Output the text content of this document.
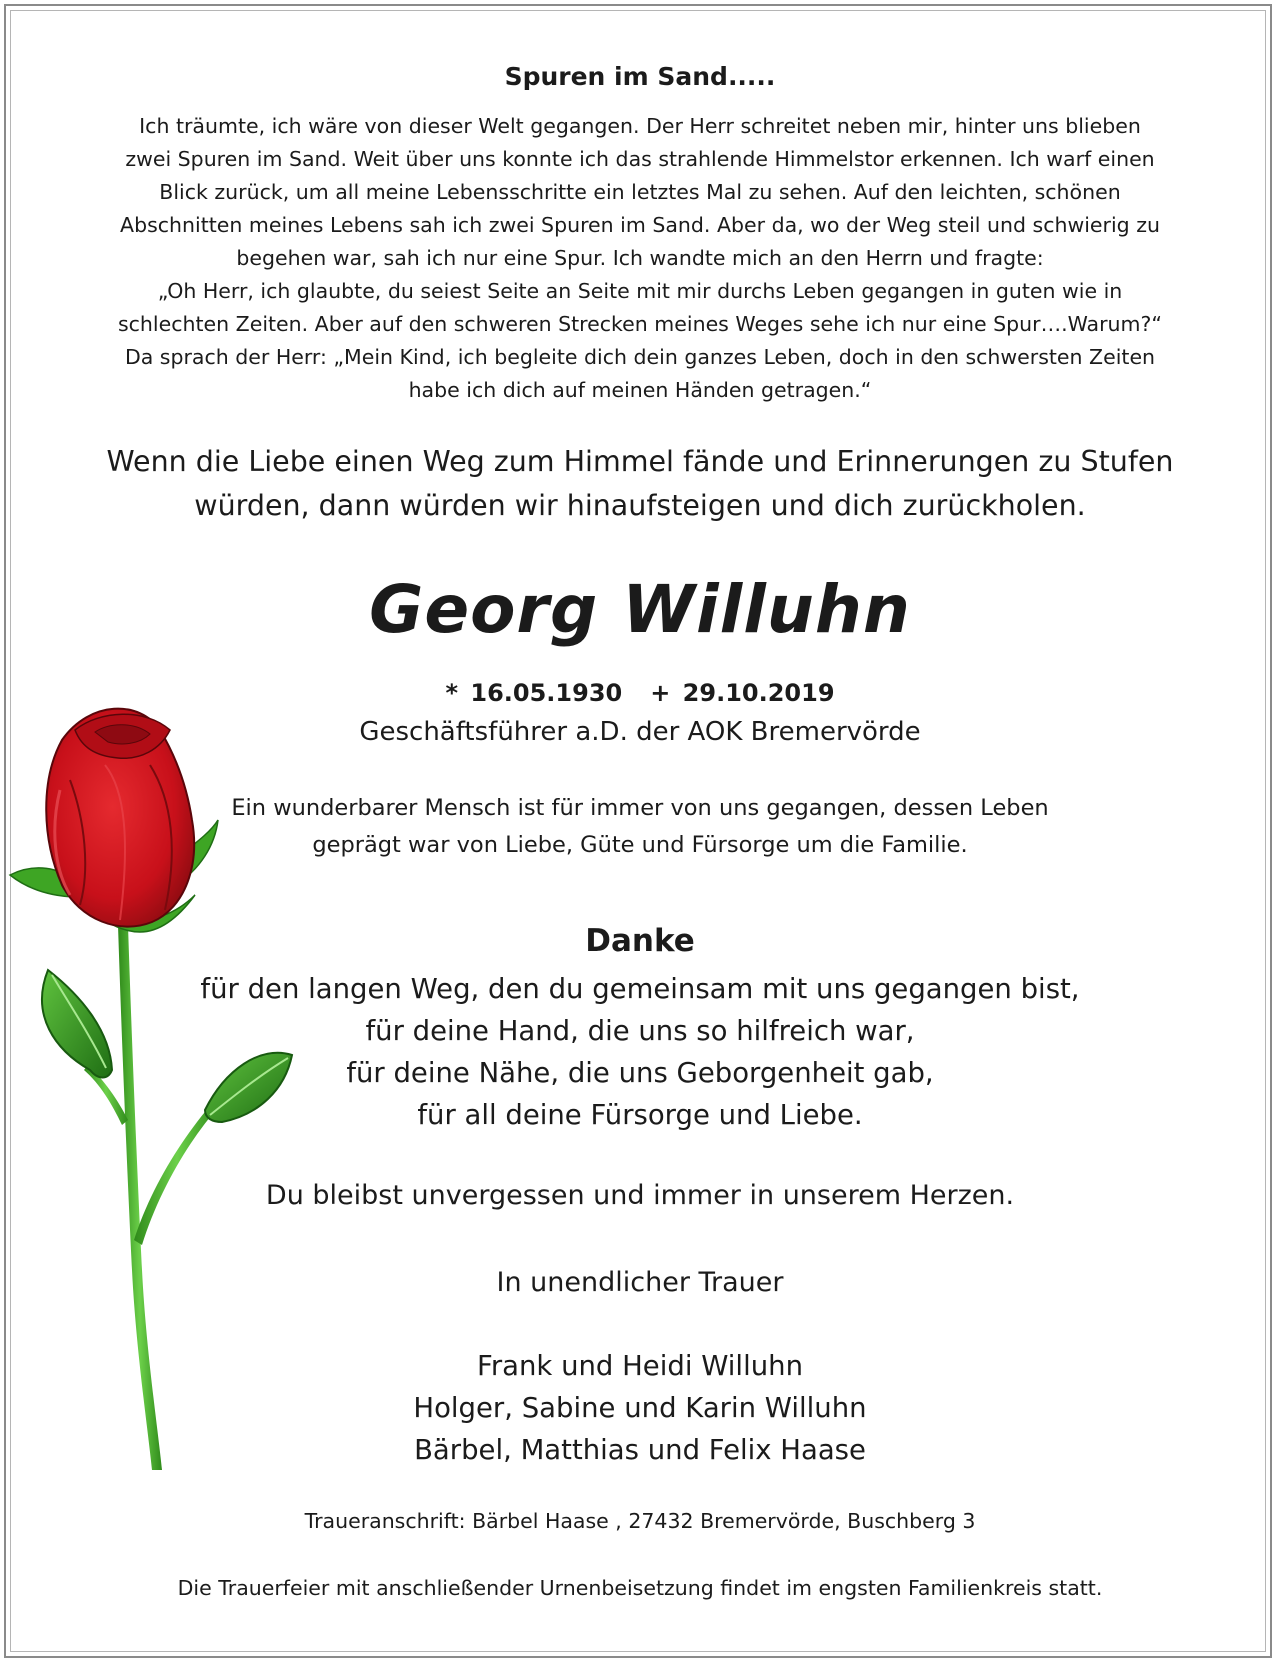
Spuren im Sand.....
Ich träumte, ich wäre von dieser Welt gegangen. Der Herr schreitet neben mir, hinter uns blieben
zwei Spuren im Sand. Weit über uns konnte ich das strahlende Himmelstor erkennen. Ich warf einen
Blick zurück, um all meine Lebensschritte ein letztes Mal zu sehen. Auf den leichten, schönen
Abschnitten meines Lebens sah ich zwei Spuren im Sand. Aber da, wo der Weg steil und schwierig zu
begehen war, sah ich nur eine Spur. Ich wandte mich an den Herrn und fragte:
„Oh Herr, ich glaubte, du seiest Seite an Seite mit mir durchs Leben gegangen in guten wie in
schlechten Zeiten. Aber auf den schweren Strecken meines Weges sehe ich nur eine Spur….Warum?“
Da sprach der Herr: „Mein Kind, ich begleite dich dein ganzes Leben, doch in den schwersten Zeiten
habe ich dich auf meinen Händen getragen.“
Wenn die Liebe einen Weg zum Himmel fände und Erinnerungen zu Stufen
würden, dann würden wir hinaufsteigen und dich zurückholen.
Georg Willuhn
* 16.05.1930 + 29.10.2019
Geschäftsführer a.D. der AOK Bremervörde
Ein wunderbarer Mensch ist für immer von uns gegangen, dessen Leben
geprägt war von Liebe, Güte und Fürsorge um die Familie.
Danke
für den langen Weg, den du gemeinsam mit uns gegangen bist,
für deine Hand, die uns so hilfreich war,
für deine Nähe, die uns Geborgenheit gab,
für all deine Fürsorge und Liebe.
Du bleibst unvergessen und immer in unserem Herzen.
In unendlicher Trauer
Frank und Heidi Willuhn
Holger, Sabine und Karin Willuhn
Bärbel, Matthias und Felix Haase
Traueranschrift: Bärbel Haase , 27432 Bremervörde, Buschberg 3
Die Trauerfeier mit anschließender Urnenbeisetzung findet im engsten Familienkreis statt.
